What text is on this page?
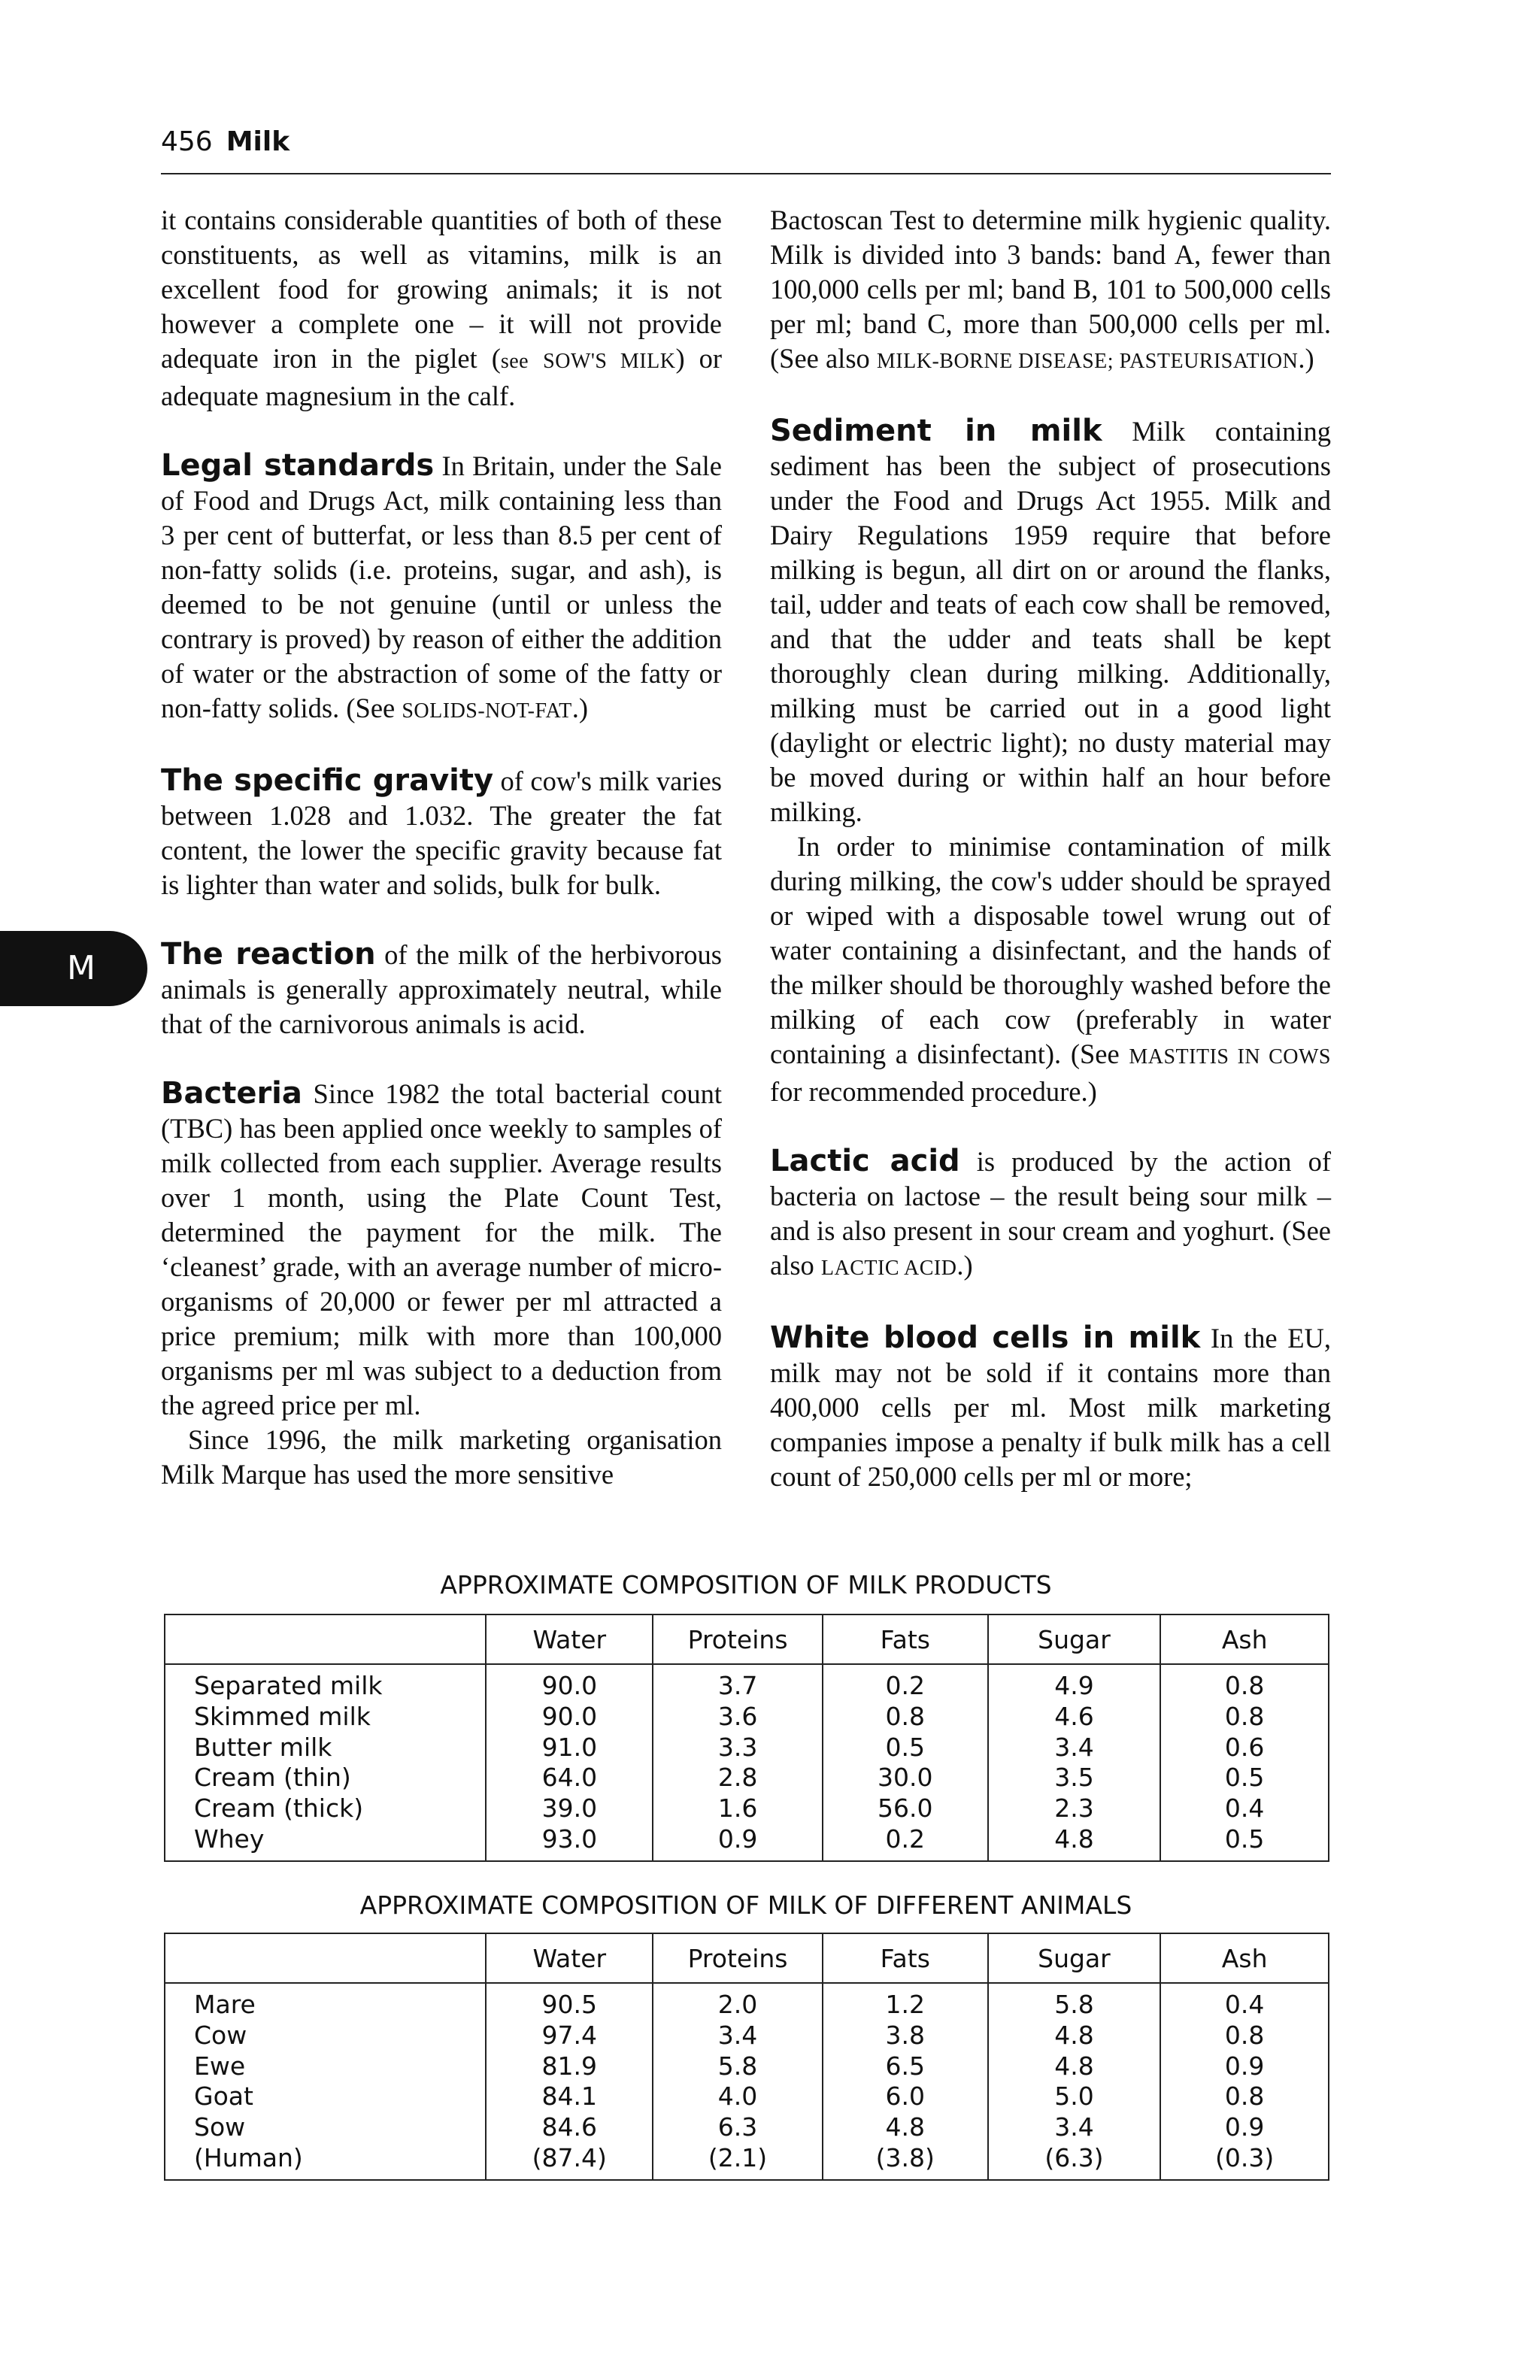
456 Milk
M

it contains considerable quantities of both of these constituents, as well as vitamins, milk is an excellent food for growing animals; it is not however a complete one – it will not provide adequate iron in the piglet (see SOW'S MILK) or adequate magnesium in the calf.

Legal standards In Britain, under the Sale of Food and Drugs Act, milk containing less than 3 per cent of butterfat, or less than 8.5 per cent of non-fatty solids (i.e. proteins, sugar, and ash), is deemed to be not genuine (until or unless the contrary is proved) by reason of either the addition of water or the abstraction of some of the fatty or non-fatty solids. (See SOLIDS-NOT-FAT.)

The specific gravity of cow's milk varies between 1.028 and 1.032. The greater the fat content, the lower the specific gravity because fat is lighter than water and solids, bulk for bulk.

The reaction of the milk of the herbivorous animals is generally approximately neutral, while that of the carnivorous animals is acid.

Bacteria Since 1982 the total bacterial count (TBC) has been applied once weekly to samples of milk collected from each supplier. Average results over 1 month, using the Plate Count Test, determined the payment for the milk. The ‘cleanest’ grade, with an average number of micro-organisms of 20,000 or fewer per ml attracted a price premium; milk with more than 100,000 organisms per ml was subject to a deduction from the agreed price per ml.

Since 1996, the milk marketing organisation Milk Marque has used the more sensitive

Bactoscan Test to determine milk hygienic quality. Milk is divided into 3 bands: band A, fewer than 100,000 cells per ml; band B, 101 to 500,000 cells per ml; band C, more than 500,000 cells per ml. (See also MILK-BORNE DISEASE; PASTEURISATION.)

Sediment in milk Milk containing sediment has been the subject of prosecutions under the Food and Drugs Act 1955. Milk and Dairy Regulations 1959 require that before milking is begun, all dirt on or around the flanks, tail, udder and teats of each cow shall be removed, and that the udder and teats shall be kept thoroughly clean during milking. Additionally, milking must be carried out in a good light (daylight or electric light); no dusty material may be moved during or within half an hour before milking.

In order to minimise contamination of milk during milking, the cow's udder should be sprayed or wiped with a disposable towel wrung out of water containing a disinfectant, and the hands of the milker should be thoroughly washed before the milking of each cow (preferably in water containing a disinfectant). (See MASTITIS IN COWS for recommended procedure.)

Lactic acid is produced by the action of bacteria on lactose – the result being sour milk – and is also present in sour cream and yoghurt. (See also LACTIC ACID.)

White blood cells in milk In the EU, milk may not be sold if it contains more than 400,000 cells per ml. Most milk marketing companies impose a penalty if bulk milk has a cell count of 250,000 cells per ml or more;

APPROXIMATE COMPOSITION OF MILK PRODUCTS
	Water	Proteins	Fats	Sugar	Ash
Separated milk	90.0	3.7	0.2	4.9	0.8
Skimmed milk	90.0	3.6	0.8	4.6	0.8
Butter milk	91.0	3.3	0.5	3.4	0.6
Cream (thin)	64.0	2.8	30.0	3.5	0.5
Cream (thick)	39.0	1.6	56.0	2.3	0.4
Whey	93.0	0.9	0.2	4.8	0.5
APPROXIMATE COMPOSITION OF MILK OF DIFFERENT ANIMALS
	Water	Proteins	Fats	Sugar	Ash
Mare	90.5	2.0	1.2	5.8	0.4
Cow	97.4	3.4	3.8	4.8	0.8
Ewe	81.9	5.8	6.5	4.8	0.9
Goat	84.1	4.0	6.0	5.0	0.8
Sow	84.6	6.3	4.8	3.4	0.9
(Human)	(87.4)	(2.1)	(3.8)	(6.3)	(0.3)
